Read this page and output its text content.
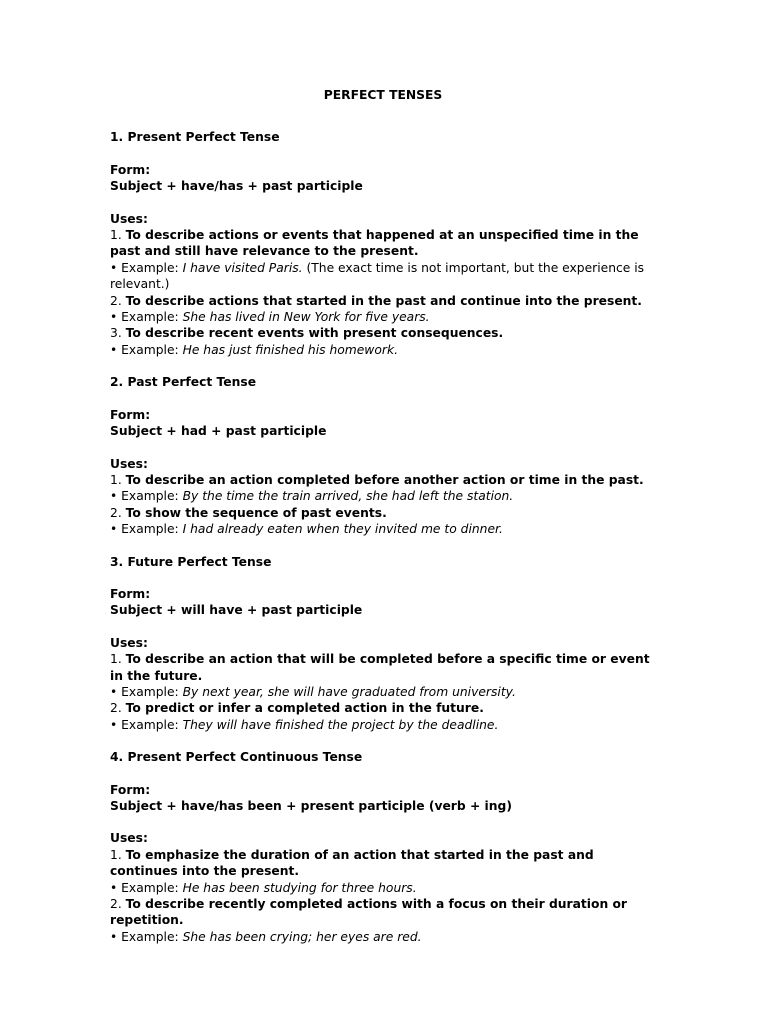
PERFECT TENSES
1. Present Perfect Tense
Form:
Subject + have/has + past participle
Uses:
1. To describe actions or events that happened at an unspecified time in the past and still have relevance to the present.
• Example: I have visited Paris. (The exact time is not important, but the experience is relevant.)
2. To describe actions that started in the past and continue into the present.
• Example: She has lived in New York for five years.
3. To describe recent events with present consequences.
• Example: He has just finished his homework.
2. Past Perfect Tense
Form:
Subject + had + past participle
Uses:
1. To describe an action completed before another action or time in the past.
• Example: By the time the train arrived, she had left the station.
2. To show the sequence of past events.
• Example: I had already eaten when they invited me to dinner.
3. Future Perfect Tense
Form:
Subject + will have + past participle
Uses:
1. To describe an action that will be completed before a specific time or event in the future.
• Example: By next year, she will have graduated from university.
2. To predict or infer a completed action in the future.
• Example: They will have finished the project by the deadline.
4. Present Perfect Continuous Tense
Form:
Subject + have/has been + present participle (verb + ing)
Uses:
1. To emphasize the duration of an action that started in the past and continues into the present.
• Example: He has been studying for three hours.
2. To describe recently completed actions with a focus on their duration or repetition.
• Example: She has been crying; her eyes are red.
